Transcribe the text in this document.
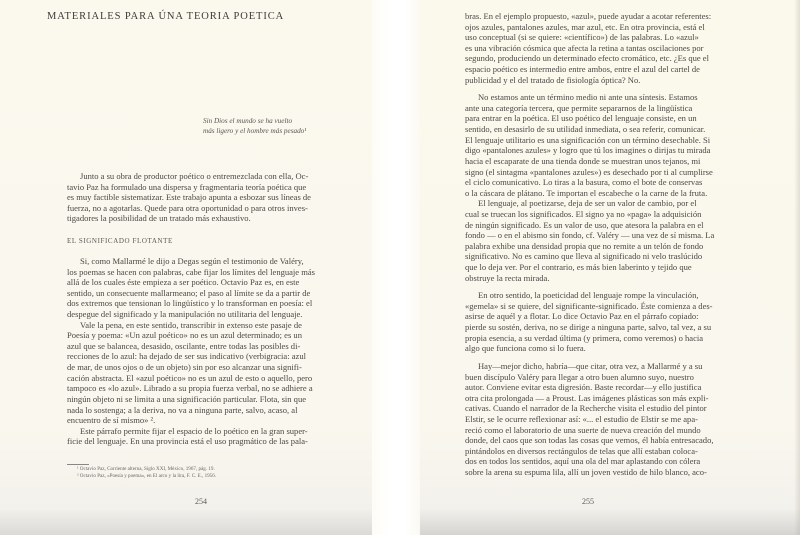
MATERIALES PARA ÚNA TEORIA POETICA
Sin Dios el mundo se ha vuelto
más ligero y el hombre más pesado¹
Junto a su obra de productor poético o entremezclada con ella, Oc-
tavio Paz ha formulado una dispersa y fragmentaria teoría poética que
es muy factible sistematizar. Este trabajo apunta a esbozar sus líneas de
fuerza, no a agotarlas. Quede para otra oportunidad o para otros inves-
tigadores la posibilidad de un tratado más exhaustivo.
EL SIGNIFICADO FLOTANTE
Si, como Mallarmé le dijo a Degas según el testimonio de Valéry,
los poemas se hacen con palabras, cabe fijar los límites del lenguaje más
allá de los cuales éste empieza a ser poético. Octavio Paz es, en este
sentido, un consecuente mallarmeano; el paso al límite se da a partir de
dos extremos que tensionan lo lingüístico y lo transforman en poesía: el
despegue del significado y la manipulación no utilitaria del lenguaje.
Vale la pena, en este sentido, transcribir in extenso este pasaje de
Poesía y poema: «Un azul poético» no es un azul determinado; es un
azul que se balancea, desasido, oscilante, entre todas las posibles di-
recciones de lo azul: ha dejado de ser sus indicativo (verbigracia: azul
de mar, de unos ojos o de un objeto) sin por eso alcanzar una signifi-
cación abstracta. El «azul poético» no es un azul de esto o aquello, pero
tampoco es «lo azul». Librado a su propia fuerza verbal, no se adhiere a
ningún objeto ni se limita a una significación particular. Flota, sin que
nada lo sostenga; a la deriva, no va a ninguna parte, salvo, acaso, al
encuentro de sí mismo» ².
Este párrafo permite fijar el espacio de lo poético en la gran super-
ficie del lenguaje. En una provincia está el uso pragmático de las pala-
¹ Octavio Paz, Corriente alterna, Siglo XXI, México, 1967, pág. 19.
² Octavio Paz, «Poesía y poema», en El arco y la lira, F. C. E., 1956.
254
bras. En el ejemplo propuesto, «azul», puede ayudar a acotar referentes:
ojos azules, pantalones azules, mar azul, etc. En otra provincia, está el
uso conceptual (si se quiere: «científico») de las palabras. Lo «azul»
es una vibración cósmica que afecta la retina a tantas oscilaciones por
segundo, produciendo un determinado efecto cromático, etc. ¿Es que el
espacio poético es intermedio entre ambos, entre el azul del cartel de
publicidad y el del tratado de fisiología óptica? No.
No estamos ante un término medio ni ante una síntesis. Estamos
ante una categoría tercera, que permite separarnos de la lingüística
para entrar en la poética. El uso poético del lenguaje consiste, en un
sentido, en desasirlo de su utilidad inmediata, o sea referir, comunicar.
El lenguaje utilitario es una significación con un término desechable. Si
digo «pantalones azules» y logro que tú los imagines o dirijas tu mirada
hacia el escaparate de una tienda donde se muestran unos tejanos, mi
signo (el sintagma «pantalones azules») es desechado por ti al cumplirse
el ciclo comunicativo. Lo tiras a la basura, como el bote de conservas
o la cáscara de plátano. Te importan el escabeche o la carne de la fruta.
El lenguaje, al poetizarse, deja de ser un valor de cambio, por el
cual se truecan los significados. El signo ya no «paga» la adquisición
de ningún significado. Es un valor de uso, que atesora la palabra en el
fondo — o en el abismo sin fondo, cf. Valéry — una vez de sí misma. La
palabra exhibe una densidad propia que no remite a un telón de fondo
significativo. No es camino que lleva al significado ni velo traslúcido
que lo deja ver. Por el contrario, es más bien laberinto y tejido que
obstruye la recta mirada.
En otro sentido, la poeticidad del lenguaje rompe la vinculación,
«gemela» si se quiere, del significante-significado. Éste comienza a des-
asirse de aquél y a flotar. Lo dice Octavio Paz en el párrafo copiado:
pierde su sostén, deriva, no se dirige a ninguna parte, salvo, tal vez, a su
propia esencia, a su verdad última (y primera, como veremos) o hacia
algo que funciona como si lo fuera.
Hay—mejor dicho, habría—que citar, otra vez, a Mallarmé y a su
buen discípulo Valéry para llegar a otro buen alumno suyo, nuestro
autor. Conviene evitar esta digresión. Baste recordar—y ello justifica
otra cita prolongada — a Proust. Las imágenes plásticas son más expli-
cativas. Cuando el narrador de la Recherche visita el estudio del pintor
Elstir, se le ocurre reflexionar así: «... el estudio de Elstir se me apa-
reció como el laboratorio de una suerte de nueva creación del mundo
donde, del caos que son todas las cosas que vemos, él había entresacado,
pintándolos en diversos rectángulos de telas que allí estaban colocа-
dos en todos los sentidos, aquí una ola del mar aplastando con cólera
sobre la arena su espuma lila, allí un joven vestido de hilo blanco, aco-
255
